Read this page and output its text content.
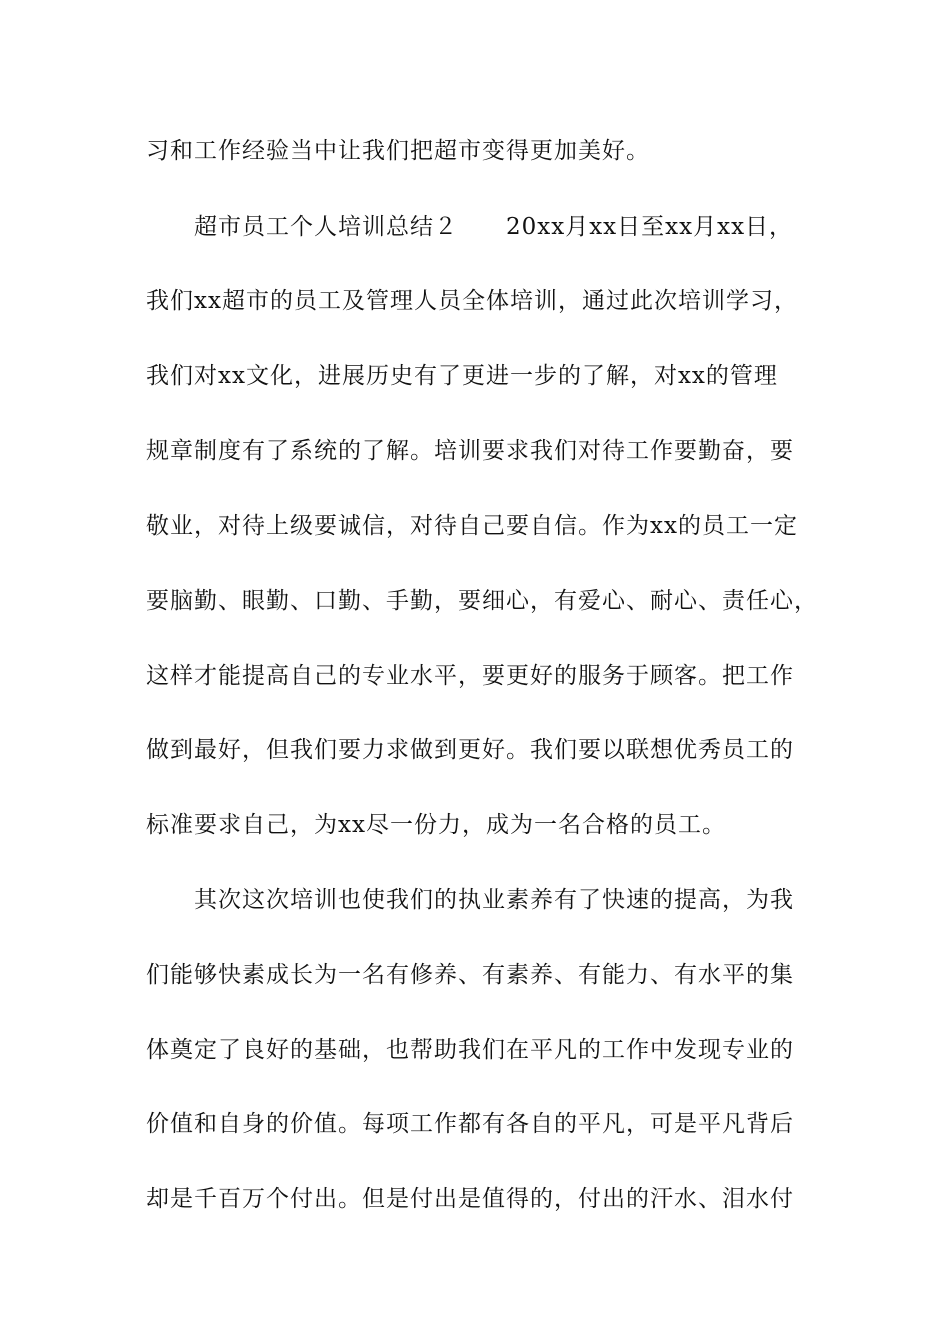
习和工作经验当中让我们把超市变得更加美好。

超市员工个人培训总结２　　20xx月xx日至xx月xx日，

我们xx超市的员工及管理人员全体培训，通过此次培训学习，

我们对xx文化，进展历史有了更进一步的了解，对xx的管理

规章制度有了系统的了解。培训要求我们对待工作要勤奋，要

敬业，对待上级要诚信，对待自己要自信。作为xx的员工一定

要脑勤、眼勤、口勤、手勤，要细心，有爱心、耐心、责任心，

这样才能提高自己的专业水平，要更好的服务于顾客。把工作

做到最好，但我们要力求做到更好。我们要以联想优秀员工的

标准要求自己，为xx尽一份力，成为一名合格的员工。

其次这次培训也使我们的执业素养有了快速的提高，为我

们能够快素成长为一名有修养、有素养、有能力、有水平的集

体奠定了良好的基础，也帮助我们在平凡的工作中发现专业的

价值和自身的价值。每项工作都有各自的平凡，可是平凡背后

却是千百万个付出。但是付出是值得的，付出的汗水、泪水付
